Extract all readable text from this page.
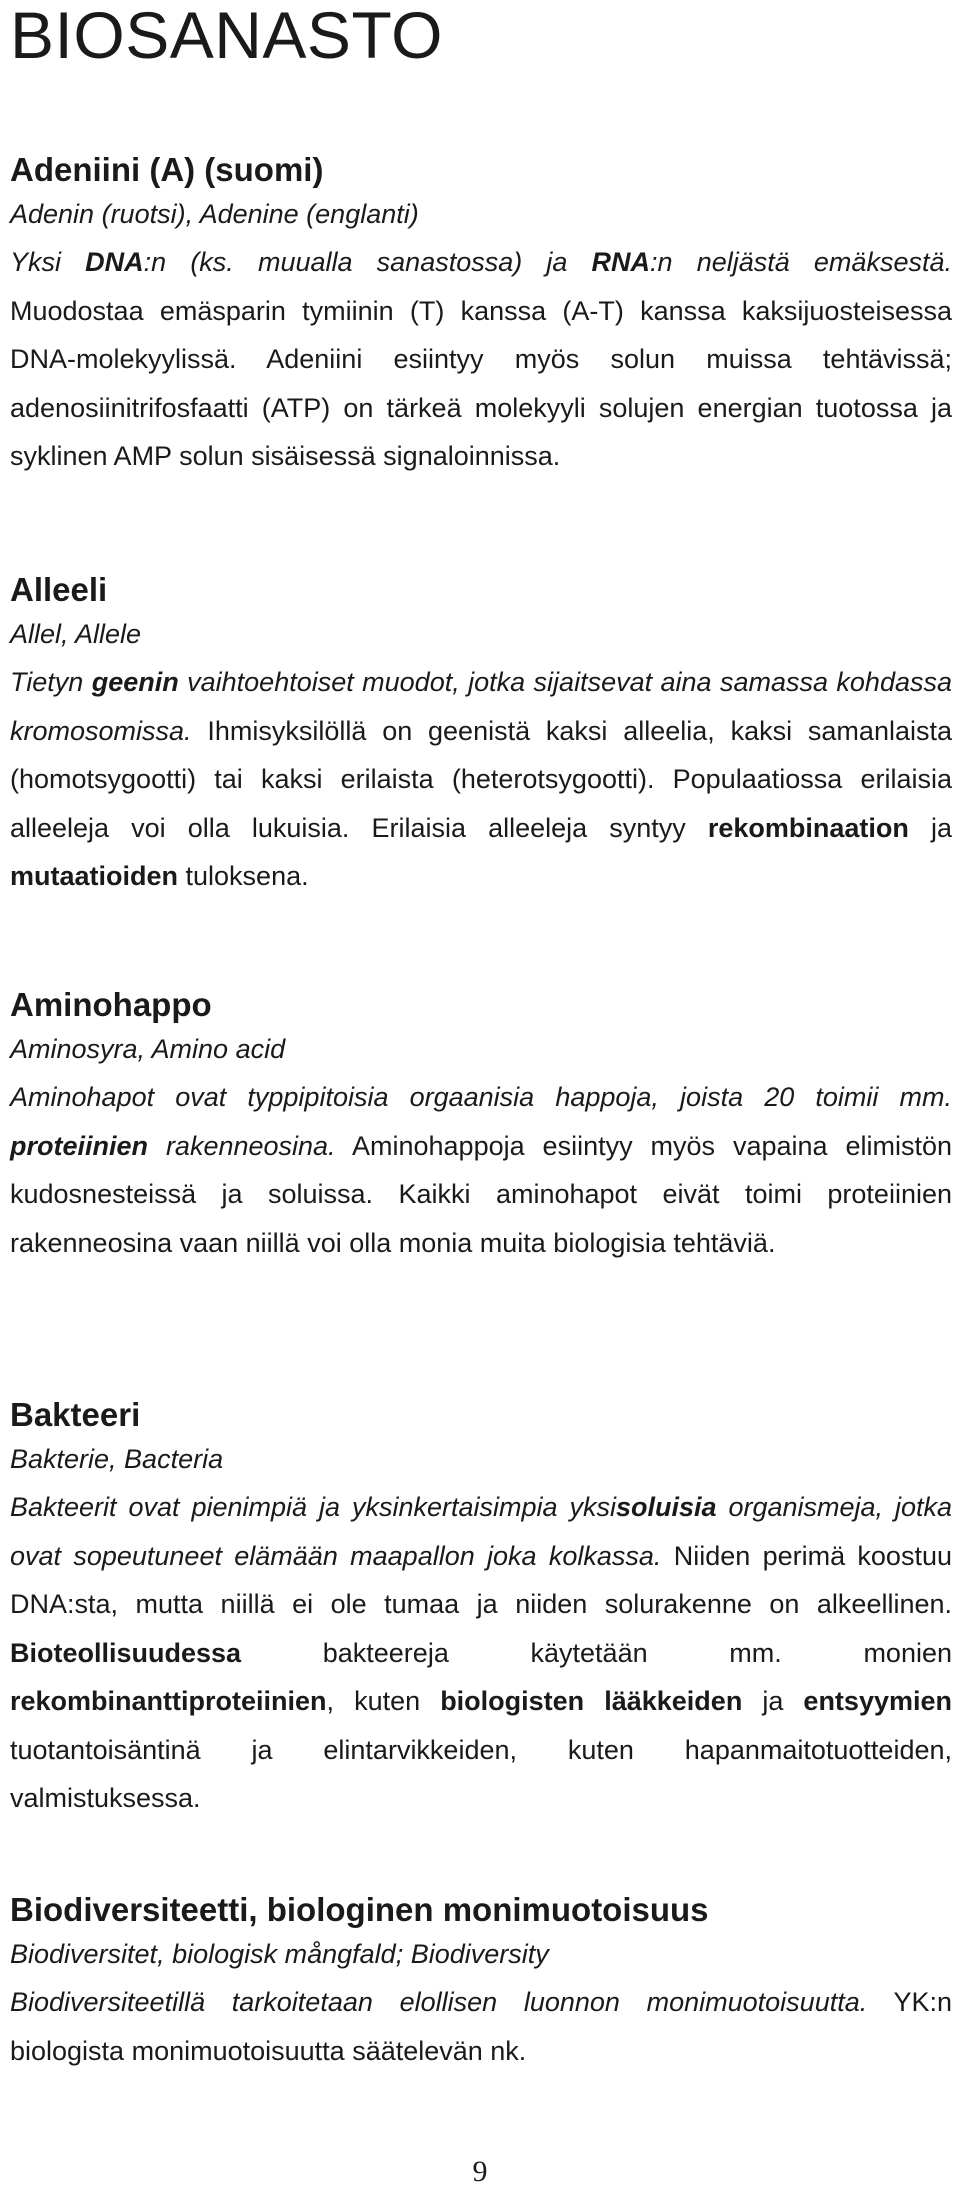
BIOSANASTO
Adeniini (A) (suomi)

Adenin (ruotsi), Adenine (englanti)

Yksi DNA:n (ks. muualla sanastossa) ja RNA:n neljästä emäksestä. Muodostaa emäsparin tymiinin (T) kanssa (A-T) kanssa kaksijuosteisessa DNA-molekyylissä. Adeniini esiintyy myös solun muissa tehtävissä; adenosiinitrifosfaatti (ATP) on tärkeä molekyyli solujen energian tuotossa ja syklinen AMP solun sisäisessä signaloinnissa.

Alleeli

Allel, Allele

Tietyn geenin vaihtoehtoiset muodot, jotka sijaitsevat aina samassa kohdassa kromosomissa. Ihmisyksilöllä on geenistä kaksi alleelia, kaksi samanlaista (homotsygootti) tai kaksi erilaista (heterotsygootti). Populaatiossa erilaisia alleeleja voi olla lukuisia. Erilaisia alleeleja syntyy rekombinaation ja mutaatioiden tuloksena.

Aminohappo

Aminosyra, Amino acid

Aminohapot ovat typpipitoisia orgaanisia happoja, joista 20 toimii mm. proteiinien rakenneosina. Aminohappoja esiintyy myös vapaina elimistön kudosnesteissä ja soluissa. Kaikki aminohapot eivät toimi proteiinien rakenneosina vaan niillä voi olla monia muita biologisia tehtäviä.

Bakteeri

Bakterie, Bacteria

Bakteerit ovat pienimpiä ja yksinkertaisimpia yksisoluisia organismeja, jotka ovat sopeutuneet elämään maapallon joka kolkassa. Niiden perimä koostuu DNA:sta, mutta niillä ei ole tumaa ja niiden solurakenne on alkeellinen. Bioteollisuudessa bakteereja käytetään mm. monien rekombinanttiproteiinien, kuten biologisten lääkkeiden ja entsyymien tuotantoisäntinä ja elintarvikkeiden, kuten hapanmaitotuotteiden, valmistuksessa.

Biodiversiteetti, biologinen monimuotoisuus

Biodiversitet, biologisk mångfald; Biodiversity

Biodiversiteetillä tarkoitetaan elollisen luonnon monimuotoisuutta. YK:n biologista monimuotoisuutta säätelevän nk.

9
